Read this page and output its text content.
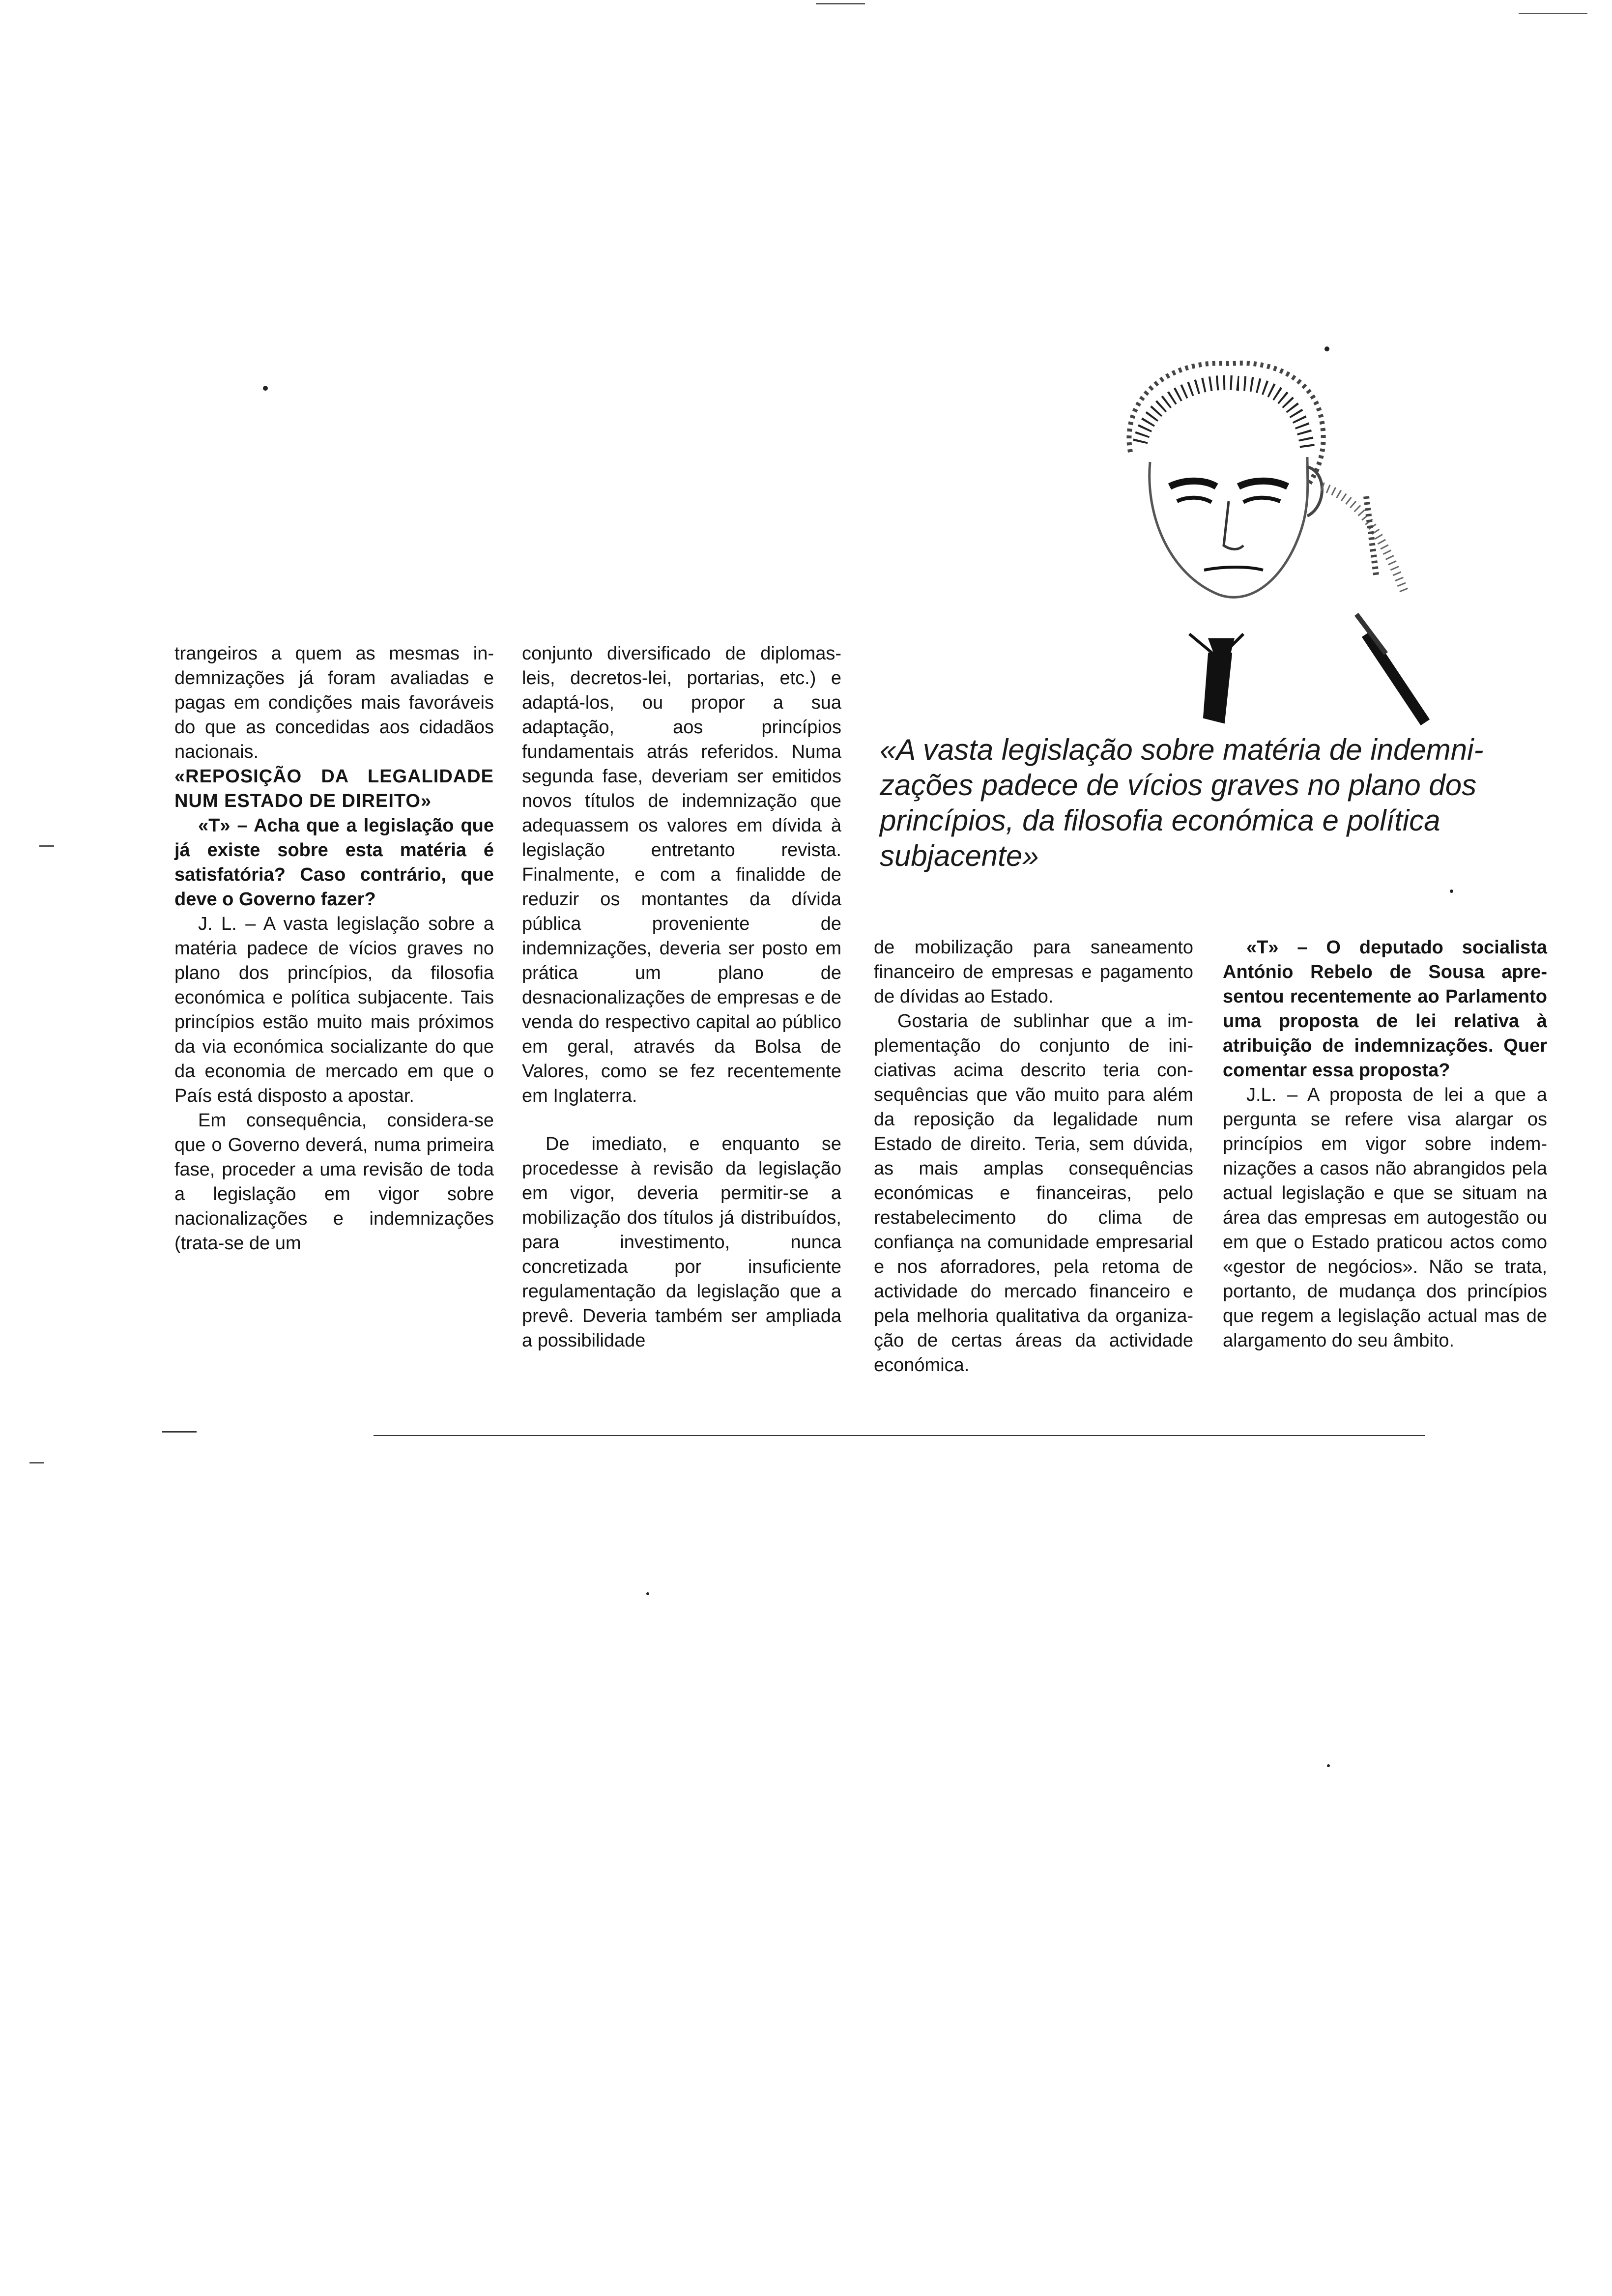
«A vasta legislação sobre matéria de indemnizações padece de vícios graves no plano dos princípios, da filosofia económica e política subjacente»

trangeiros a quem as mesmas indemnizações já foram avaliadas e pagas em condições mais favoráveis do que as concedidas aos cidadãos nacionais.

«REPOSIÇÃO DA LEGALIDADE NUM ESTADO DE DIREITO»

«T» – Acha que a legislação que já existe sobre esta matéria é satisfatória? Caso contrário, que deve o Governo fazer?

J. L. – A vasta legislação sobre a matéria padece de vícios graves no plano dos princípios, da filosofia económica e política subjacente. Tais princípios estão muito mais próximos da via económica socializante do que da economia de mercado em que o País está disposto a apostar.

Em consequência, considera-se que o Governo deverá, numa primeira fase, proceder a uma revisão de toda a legislação em vigor sobre nacionalizações e indemnizações (trata-se de um

conjunto diversificado de diplomas-leis, decretos-lei, portarias, etc.) e adaptá-los, ou propor a sua adaptação, aos princípios fundamentais atrás referidos. Numa segunda fase, deveriam ser emitidos novos títulos de indemnização que adequassem os valores em dívida à legislação entretanto revista. Finalmente, e com a finalidde de reduzir os montantes da dívida pública proveniente de indemnizações, deveria ser posto em prática um plano de desnacionalizações de empresas e de venda do respectivo capital ao público em geral, através da Bolsa de Valores, como se fez recentemente em Inglaterra.

De imediato, e enquanto se procedesse à revisão da legislação em vigor, deveria permitir-se a mobilização dos títulos já distribuídos, para investimento, nunca concretizada por insuficiente regulamentação da legislação que a prevê. Deveria também ser ampliada a possibilidade

de mobilização para saneamento financeiro de empresas e pagamento de dívidas ao Estado.

Gostaria de sublinhar que a implementação do conjunto de iniciativas acima descrito teria consequências que vão muito para além da reposição da legalidade num Estado de direito. Teria, sem dúvida, as mais amplas consequências económicas e financeiras, pelo restabelecimento do clima de confiança na comunidade empresarial e nos aforradores, pela retoma de actividade do mercado financeiro e pela melhoria qualitativa da organização de certas áreas da actividade económica.

«T» – O deputado socialista António Rebelo de Sousa apresentou recentemente ao Parlamento uma proposta de lei relativa à atribuição de indemnizações. Quer comentar essa proposta?

J.L. – A proposta de lei a que a pergunta se refere visa alargar os princípios em vigor sobre indemnizações a casos não abrangidos pela actual legislação e que se situam na área das empresas em autogestão ou em que o Estado praticou actos como «gestor de negócios». Não se trata, portanto, de mudança dos princípios que regem a legislação actual mas de alargamento do seu âmbito.
